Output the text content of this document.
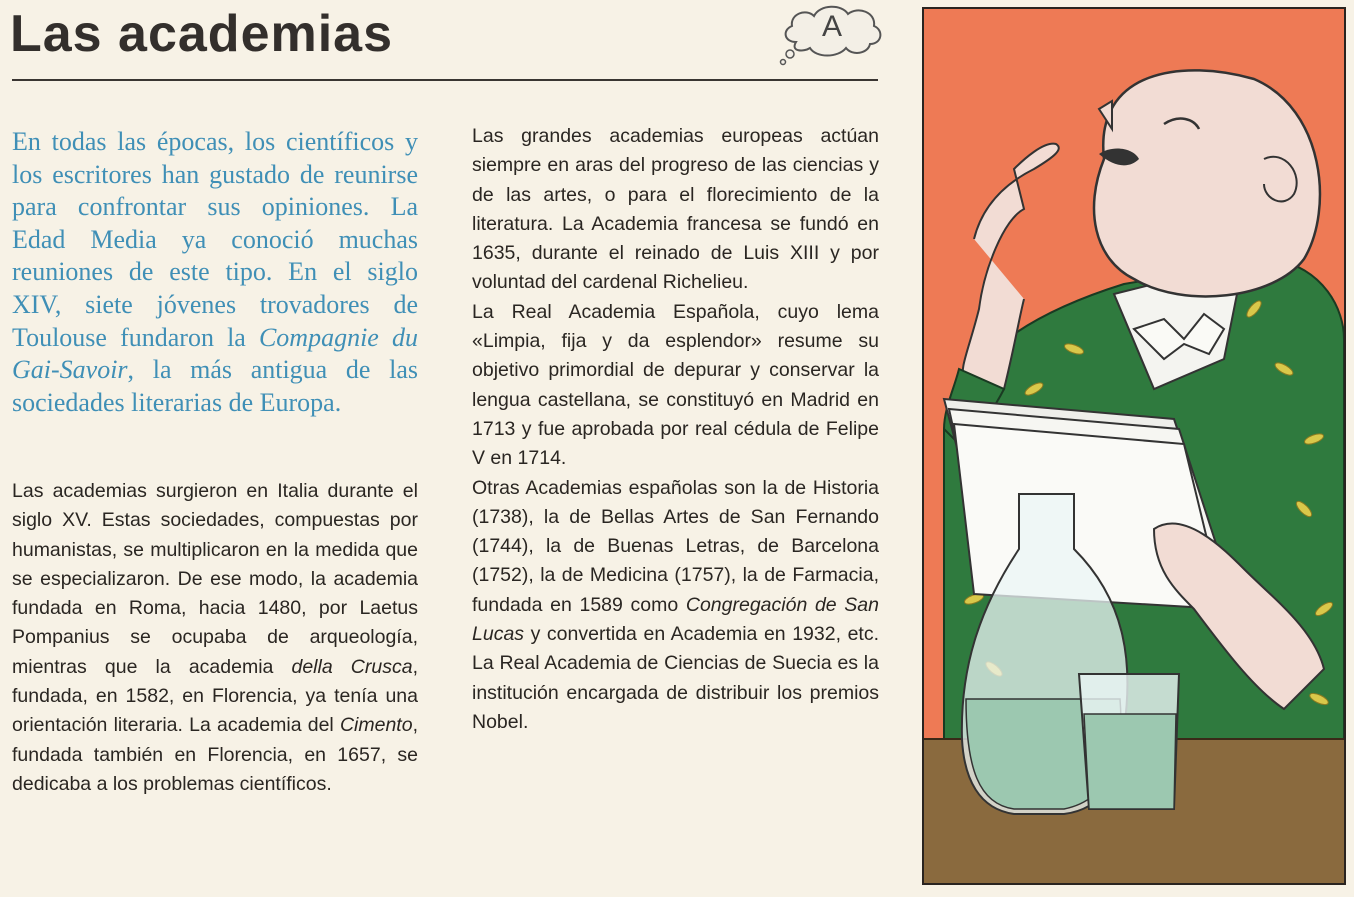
Las academias	A

En todas las épocas, los científicos y los escritores han gustado de reunirse para confrontar sus opiniones. La Edad Media ya conoció muchas reuniones de este tipo. En el siglo XIV, siete jóvenes trovadores de Toulouse fundaron la Compagnie du Gai-Savoir, la más antigua de las sociedades literarias de Europa.

Las academias surgieron en Italia durante el siglo XV. Estas sociedades, compuestas por humanistas, se multiplicaron en la medida que se especializaron. De ese modo, la academia fundada en Roma, hacia 1480, por Laetus Pompanius se ocupaba de arqueología, mientras que la academia della Crusca, fundada, en 1582, en Florencia, ya tenía una orientación literaria. La academia del Cimento, fundada también en Florencia, en 1657, se dedicaba a los problemas científicos.

Las grandes academias europeas actúan siempre en aras del progreso de las ciencias y de las artes, o para el florecimiento de la literatura. La Academia francesa se fundó en 1635, durante el reinado de Luis XIII y por voluntad del cardenal Richelieu.

La Real Academia Española, cuyo lema «Limpia, fija y da esplendor» resume su objetivo primordial de depurar y conservar la lengua castellana, se constituyó en Madrid en 1713 y fue aprobada por real cédula de Felipe V en 1714.

Otras Academias españolas son la de Historia (1738), la de Bellas Artes de San Fernando (1744), la de Buenas Letras, de Barcelona (1752), la de Medicina (1757), la de Farmacia, fundada en 1589 como Congregación de San Lucas y convertida en Academia en 1932, etc. La Real Academia de Ciencias de Suecia es la institución encargada de distribuir los premios Nobel.
